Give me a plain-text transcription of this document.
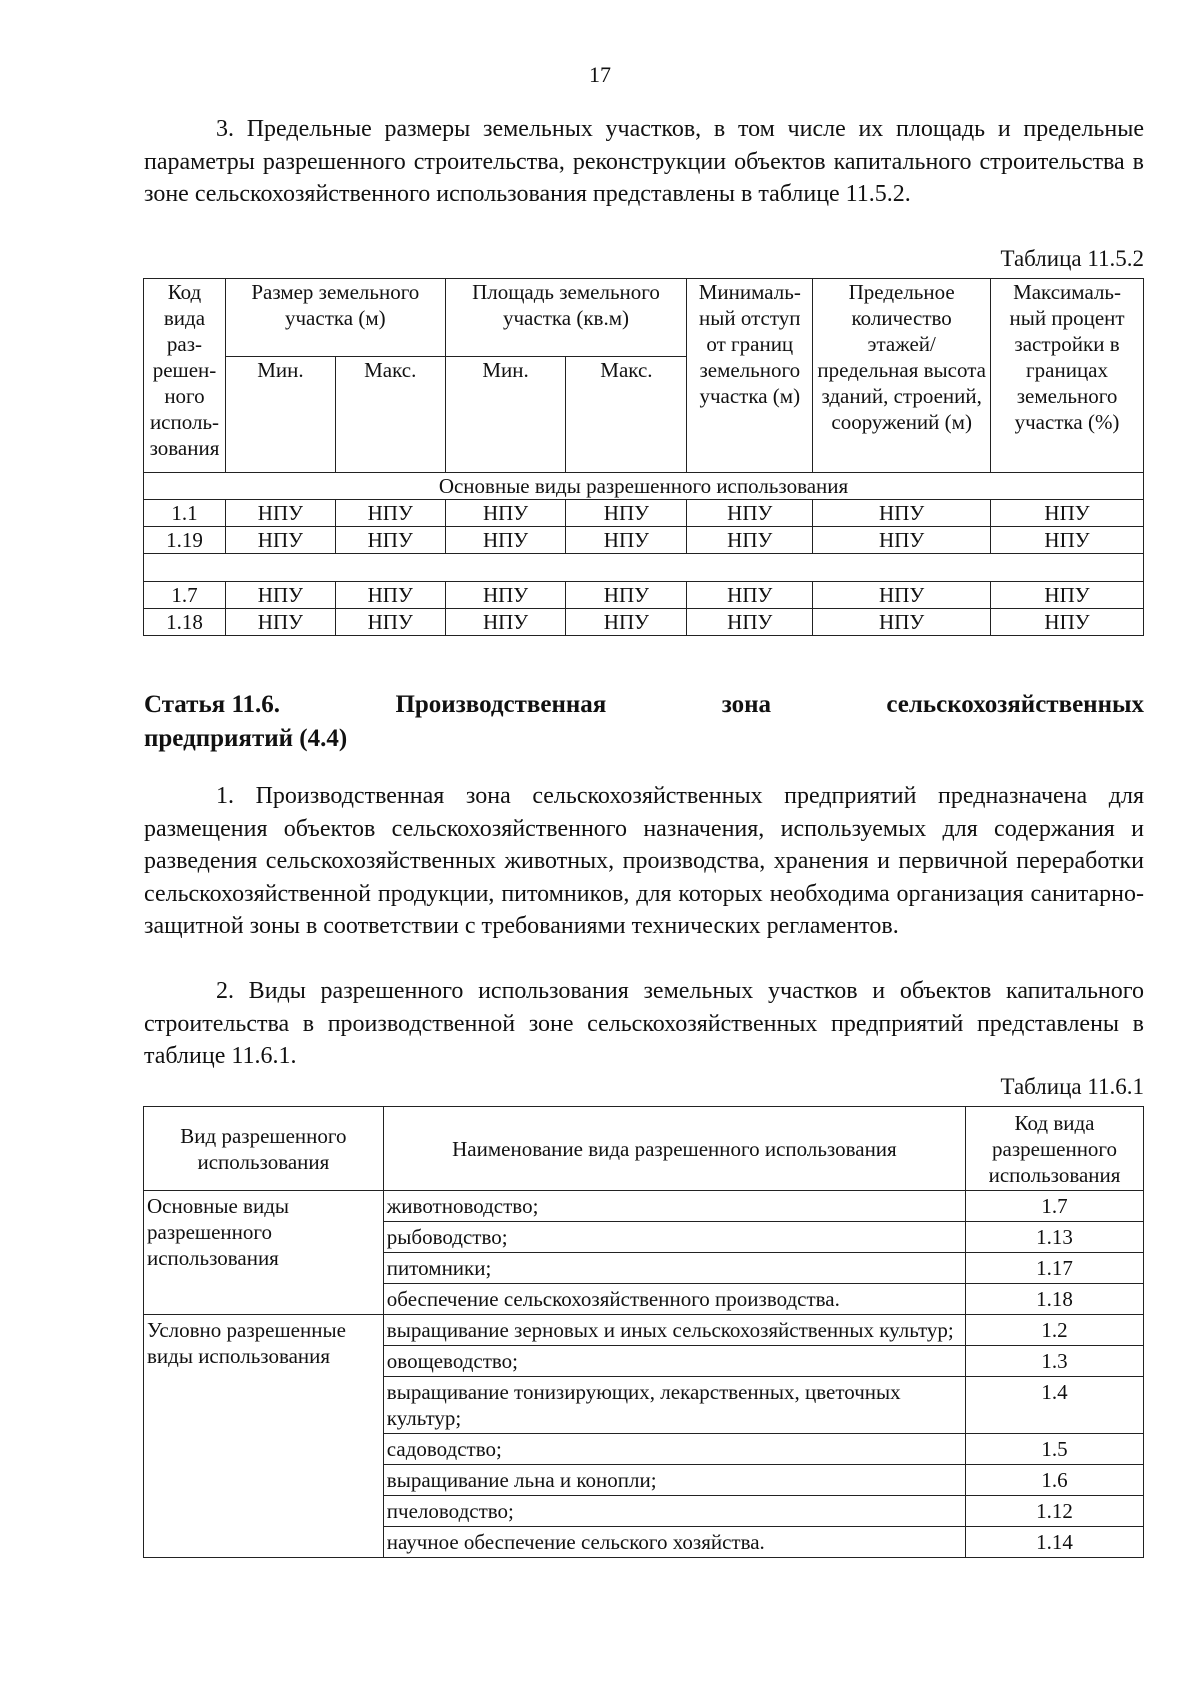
17

3. Предельные размеры земельных участков, в том числе их площадь и предельные параметры разрешенного строительства, реконструкции объектов капитального строительства в зоне сельскохозяйственного использования представлены в таблице 11.5.2.

Таблица 11.5.2
Код вида раз- решен- ного исполь- зования	Размер земельного участка (м)		Площадь земельного участка (кв.м)		Минималь- ный отступ от границ земельного участка (м)	Предельное количество этажей/ предельная высота зданий, строений, сооружений (м)	Максималь- ный процент застройки в границах земельного участка (%)
	Мин.	Макс.	Мин.	Макс.			
Основные виды разрешенного использования							
1.1	НПУ	НПУ	НПУ	НПУ	НПУ	НПУ	НПУ
1.19	НПУ	НПУ	НПУ	НПУ	НПУ	НПУ	НПУ

1.7	НПУ	НПУ	НПУ	НПУ	НПУ	НПУ	НПУ
1.18	НПУ	НПУ	НПУ	НПУ	НПУ	НПУ	НПУ
Статья 11.6.	Производственная	зона	сельскохозяйственных
предприятий (4.4)

1. Производственная зона сельскохозяйственных предприятий предназначена для размещения объектов сельскохозяйственного назначения, используемых для содержания и разведения сельскохозяйственных животных, производства, хранения и первичной переработки сельскохозяйственной продукции, питомников, для которых необходима организация санитарно-защитной зоны в соответствии с требованиями технических регламентов.

2. Виды разрешенного использования земельных участков и объектов капитального строительства в производственной зоне сельскохозяйственных предприятий представлены в таблице 11.6.1.

Таблица 11.6.1
Вид разрешенного использования	Наименование вида разрешенного использования	Код вида разрешенного использования
Основные виды разрешенного использования	животноводство;	1.7
	рыбоводство;	1.13
	питомники;	1.17
	обеспечение сельскохозяйственного производства.	1.18
Условно разрешенные виды использования	выращивание зерновых и иных сельскохозяйственных культур;	1.2
	овощеводство;	1.3
	выращивание тонизирующих, лекарственных, цветочных культур;	1.4
	садоводство;	1.5
	выращивание льна и конопли;	1.6
	пчеловодство;	1.12
	научное обеспечение сельского хозяйства.	1.14
